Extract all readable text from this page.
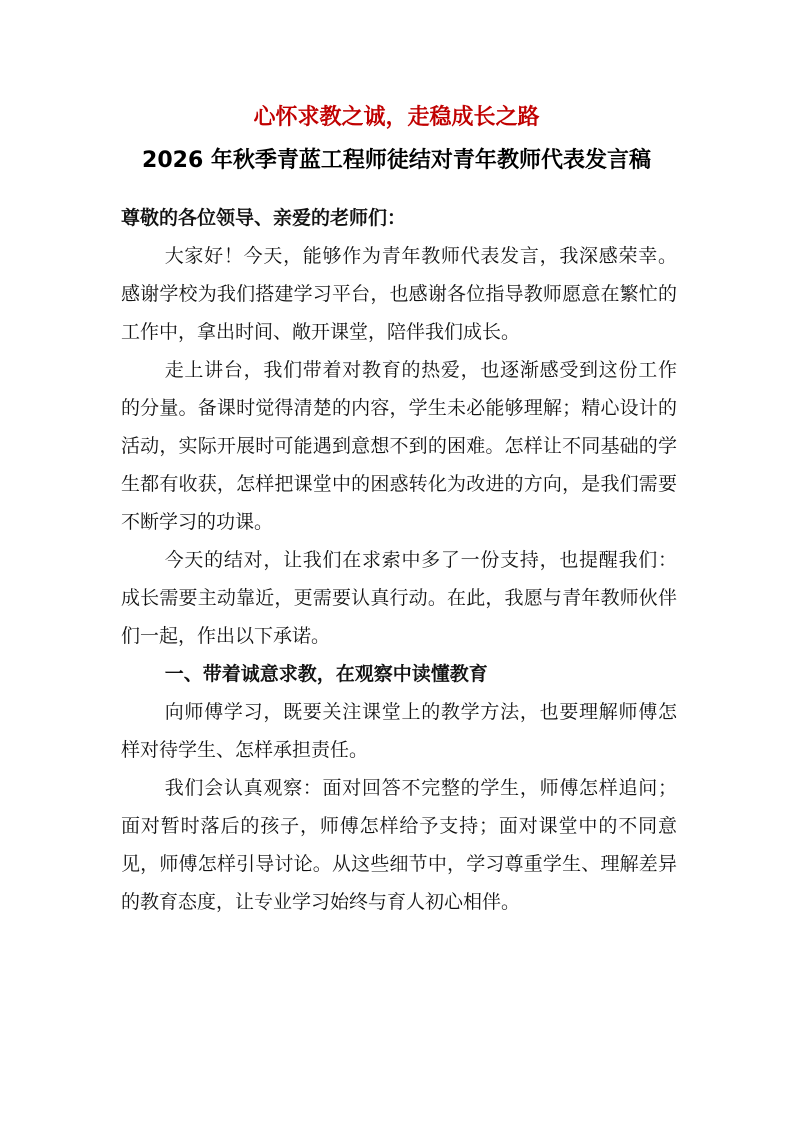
心怀求教之诚，走稳成长之路
2026 年秋季青蓝工程师徒结对青年教师代表发言稿

尊敬的各位领导、亲爱的老师们：

大家好！今天，能够作为青年教师代表发言，我深感荣幸。感谢学校为我们搭建学习平台，也感谢各位指导教师愿意在繁忙的工作中，拿出时间、敞开课堂，陪伴我们成长。

走上讲台，我们带着对教育的热爱，也逐渐感受到这份工作的分量。备课时觉得清楚的内容，学生未必能够理解；精心设计的活动，实际开展时可能遇到意想不到的困难。怎样让不同基础的学生都有收获，怎样把课堂中的困惑转化为改进的方向，是我们需要不断学习的功课。

今天的结对，让我们在求索中多了一份支持，也提醒我们：成长需要主动靠近，更需要认真行动。在此，我愿与青年教师伙伴们一起，作出以下承诺。

一、带着诚意求教，在观察中读懂教育

向师傅学习，既要关注课堂上的教学方法，也要理解师傅怎样对待学生、怎样承担责任。

我们会认真观察：面对回答不完整的学生，师傅怎样追问；面对暂时落后的孩子，师傅怎样给予支持；面对课堂中的不同意见，师傅怎样引导讨论。从这些细节中，学习尊重学生、理解差异的教育态度，让专业学习始终与育人初心相伴。
